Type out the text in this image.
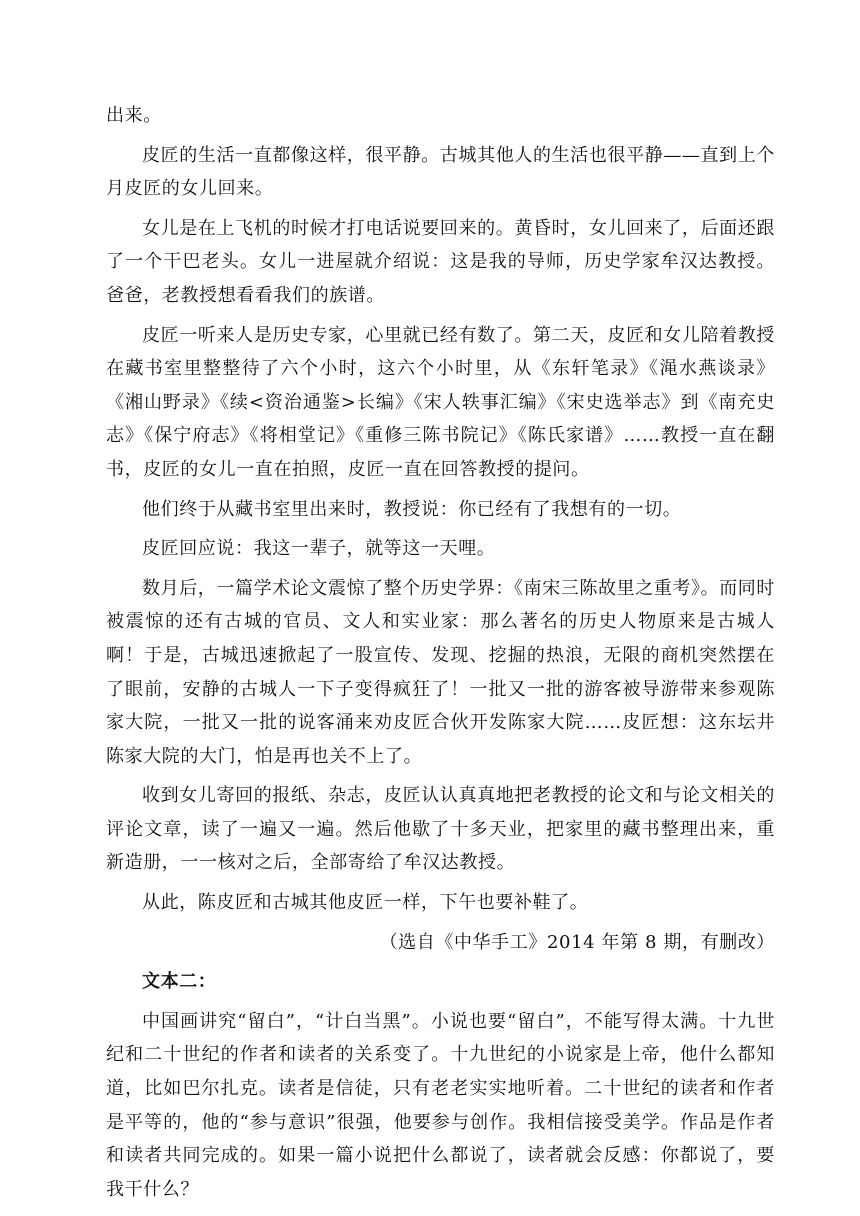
出来。

皮匠的生活一直都像这样，很平静。古城其他人的生活也很平静——直到上个月皮匠的女儿回来。

女儿是在上飞机的时候才打电话说要回来的。黄昏时，女儿回来了，后面还跟了一个干巴老头。女儿一进屋就介绍说：这是我的导师，历史学家牟汉达教授。爸爸，老教授想看看我们的族谱。

皮匠一听来人是历史专家，心里就已经有数了。第二天，皮匠和女儿陪着教授在藏书室里整整待了六个小时，这六个小时里，从《东轩笔录》《渑水燕谈录》《湘山野录》《续<资治通鉴>长编》《宋人轶事汇编》《宋史选举志》到《南充史志》《保宁府志》《将相堂记》《重修三陈书院记》《陈氏家谱》……教授一直在翻书，皮匠的女儿一直在拍照，皮匠一直在回答教授的提问。

他们终于从藏书室里出来时，教授说：你已经有了我想有的一切。

皮匠回应说：我这一辈子，就等这一天哩。

数月后，一篇学术论文震惊了整个历史学界：《南宋三陈故里之重考》。而同时被震惊的还有古城的官员、文人和实业家：那么著名的历史人物原来是古城人啊！于是，古城迅速掀起了一股宣传、发现、挖掘的热浪，无限的商机突然摆在了眼前，安静的古城人一下子变得疯狂了！一批又一批的游客被导游带来参观陈家大院，一批又一批的说客涌来劝皮匠合伙开发陈家大院……皮匠想：这东坛井陈家大院的大门，怕是再也关不上了。

收到女儿寄回的报纸、杂志，皮匠认认真真地把老教授的论文和与论文相关的评论文章，读了一遍又一遍。然后他歇了十多天业，把家里的藏书整理出来，重新造册，一一核对之后，全部寄给了牟汉达教授。

从此，陈皮匠和古城其他皮匠一样，下午也要补鞋了。

（选自《中华手工》2014 年第 8 期，有删改）

文本二：

中国画讲究“留白”，“计白当黑”。小说也要“留白”，不能写得太满。十九世纪和二十世纪的作者和读者的关系变了。十九世纪的小说家是上帝，他什么都知道，比如巴尔扎克。读者是信徒，只有老老实实地听着。二十世纪的读者和作者是平等的，他的“参与意识”很强，他要参与创作。我相信接受美学。作品是作者和读者共同完成的。如果一篇小说把什么都说了，读者就会反感：你都说了，要我干什么？
